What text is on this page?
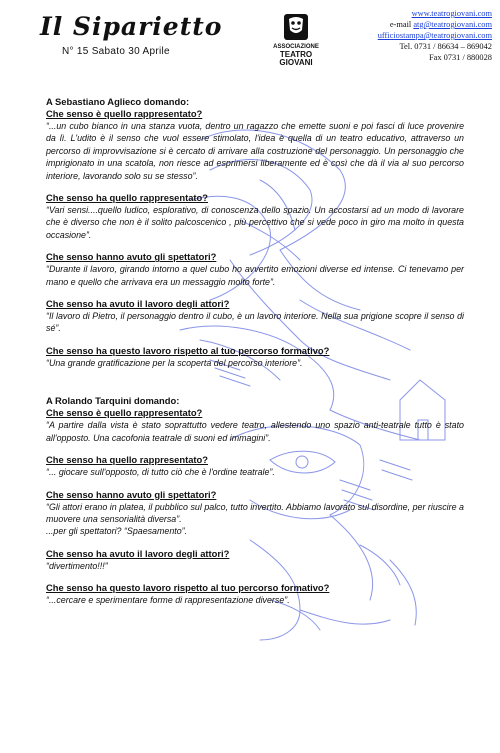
Il Siparietto
N° 15 Sabato 30 Aprile	ASSOCIAZIONE
TEATRO
GIOVANI
www.teatrogiovani.com
e-mail atg@teatrogiovani.com
ufficiostampa@teatrogiovani.com
Tel. 0731 / 86634 – 869042
Fax 0731 / 880028
A Sebastiano Aglieco domando:
Che senso è quello rappresentato?
“...un cubo bianco in una stanza vuota, dentro un ragazzo che emette suoni e poi fasci di luce provenire da lì. L'udito è il senso che vuol essere stimolato, l'idea è quella di un teatro educativo, attraverso un percorso di improvvisazione si è cercato di arrivare alla costruzione del personaggio. Un personaggio che imprigionato in una scatola, non riesce ad esprimersi liberamente ed è così che dà il via al suo percorso interiore, lavorando solo su se stesso”.
Che senso ha quello rappresentato?
“Vari sensi....quello ludico, esplorativo, di conoscenza dello spazio. Un accostarsi ad un modo di lavorare che è diverso che non è il solito palcoscenico , più percettivo che si vede poco in giro ma molto in questa occasione”.
Che senso hanno avuto gli spettatori?
“Durante il lavoro, girando intorno a quel cubo ho avvertito emozioni diverse ed intense. Ci tenevamo per mano e quello che arrivava era un messaggio molto forte”.
Che senso ha avuto il lavoro degli attori?
“Il lavoro di Pietro, il personaggio dentro il cubo, è un lavoro interiore. Nella sua prigione scopre il senso di sé”.
Che senso ha questo lavoro rispetto al tuo percorso formativo?
“Una grande gratificazione per la scoperta del percorso interiore”.
A Rolando Tarquini domando:
Che senso è quello rappresentato?
“A partire dalla vista è stato soprattutto vedere teatro, allestendo uno spazio anti-teatrale tutto è stato all'opposto. Una cacofonia teatrale di suoni ed immagini”.
Che senso ha quello rappresentato?
“... giocare sull'opposto, di tutto ciò che è l'ordine teatrale”.
Che senso hanno avuto gli spettatori?
“Gli attori erano in platea, il pubblico sul palco, tutto invertito. Abbiamo lavorato sul disordine, per riuscire a muovere una sensorialità diversa”.
...per gli spettatori? “Spaesamento”.
Che senso ha avuto il lavoro degli attori?
“divertimento!!!”
Che senso ha questo lavoro rispetto al tuo percorso formativo?
“...cercare e sperimentare forme di rappresentazione diverse”.
